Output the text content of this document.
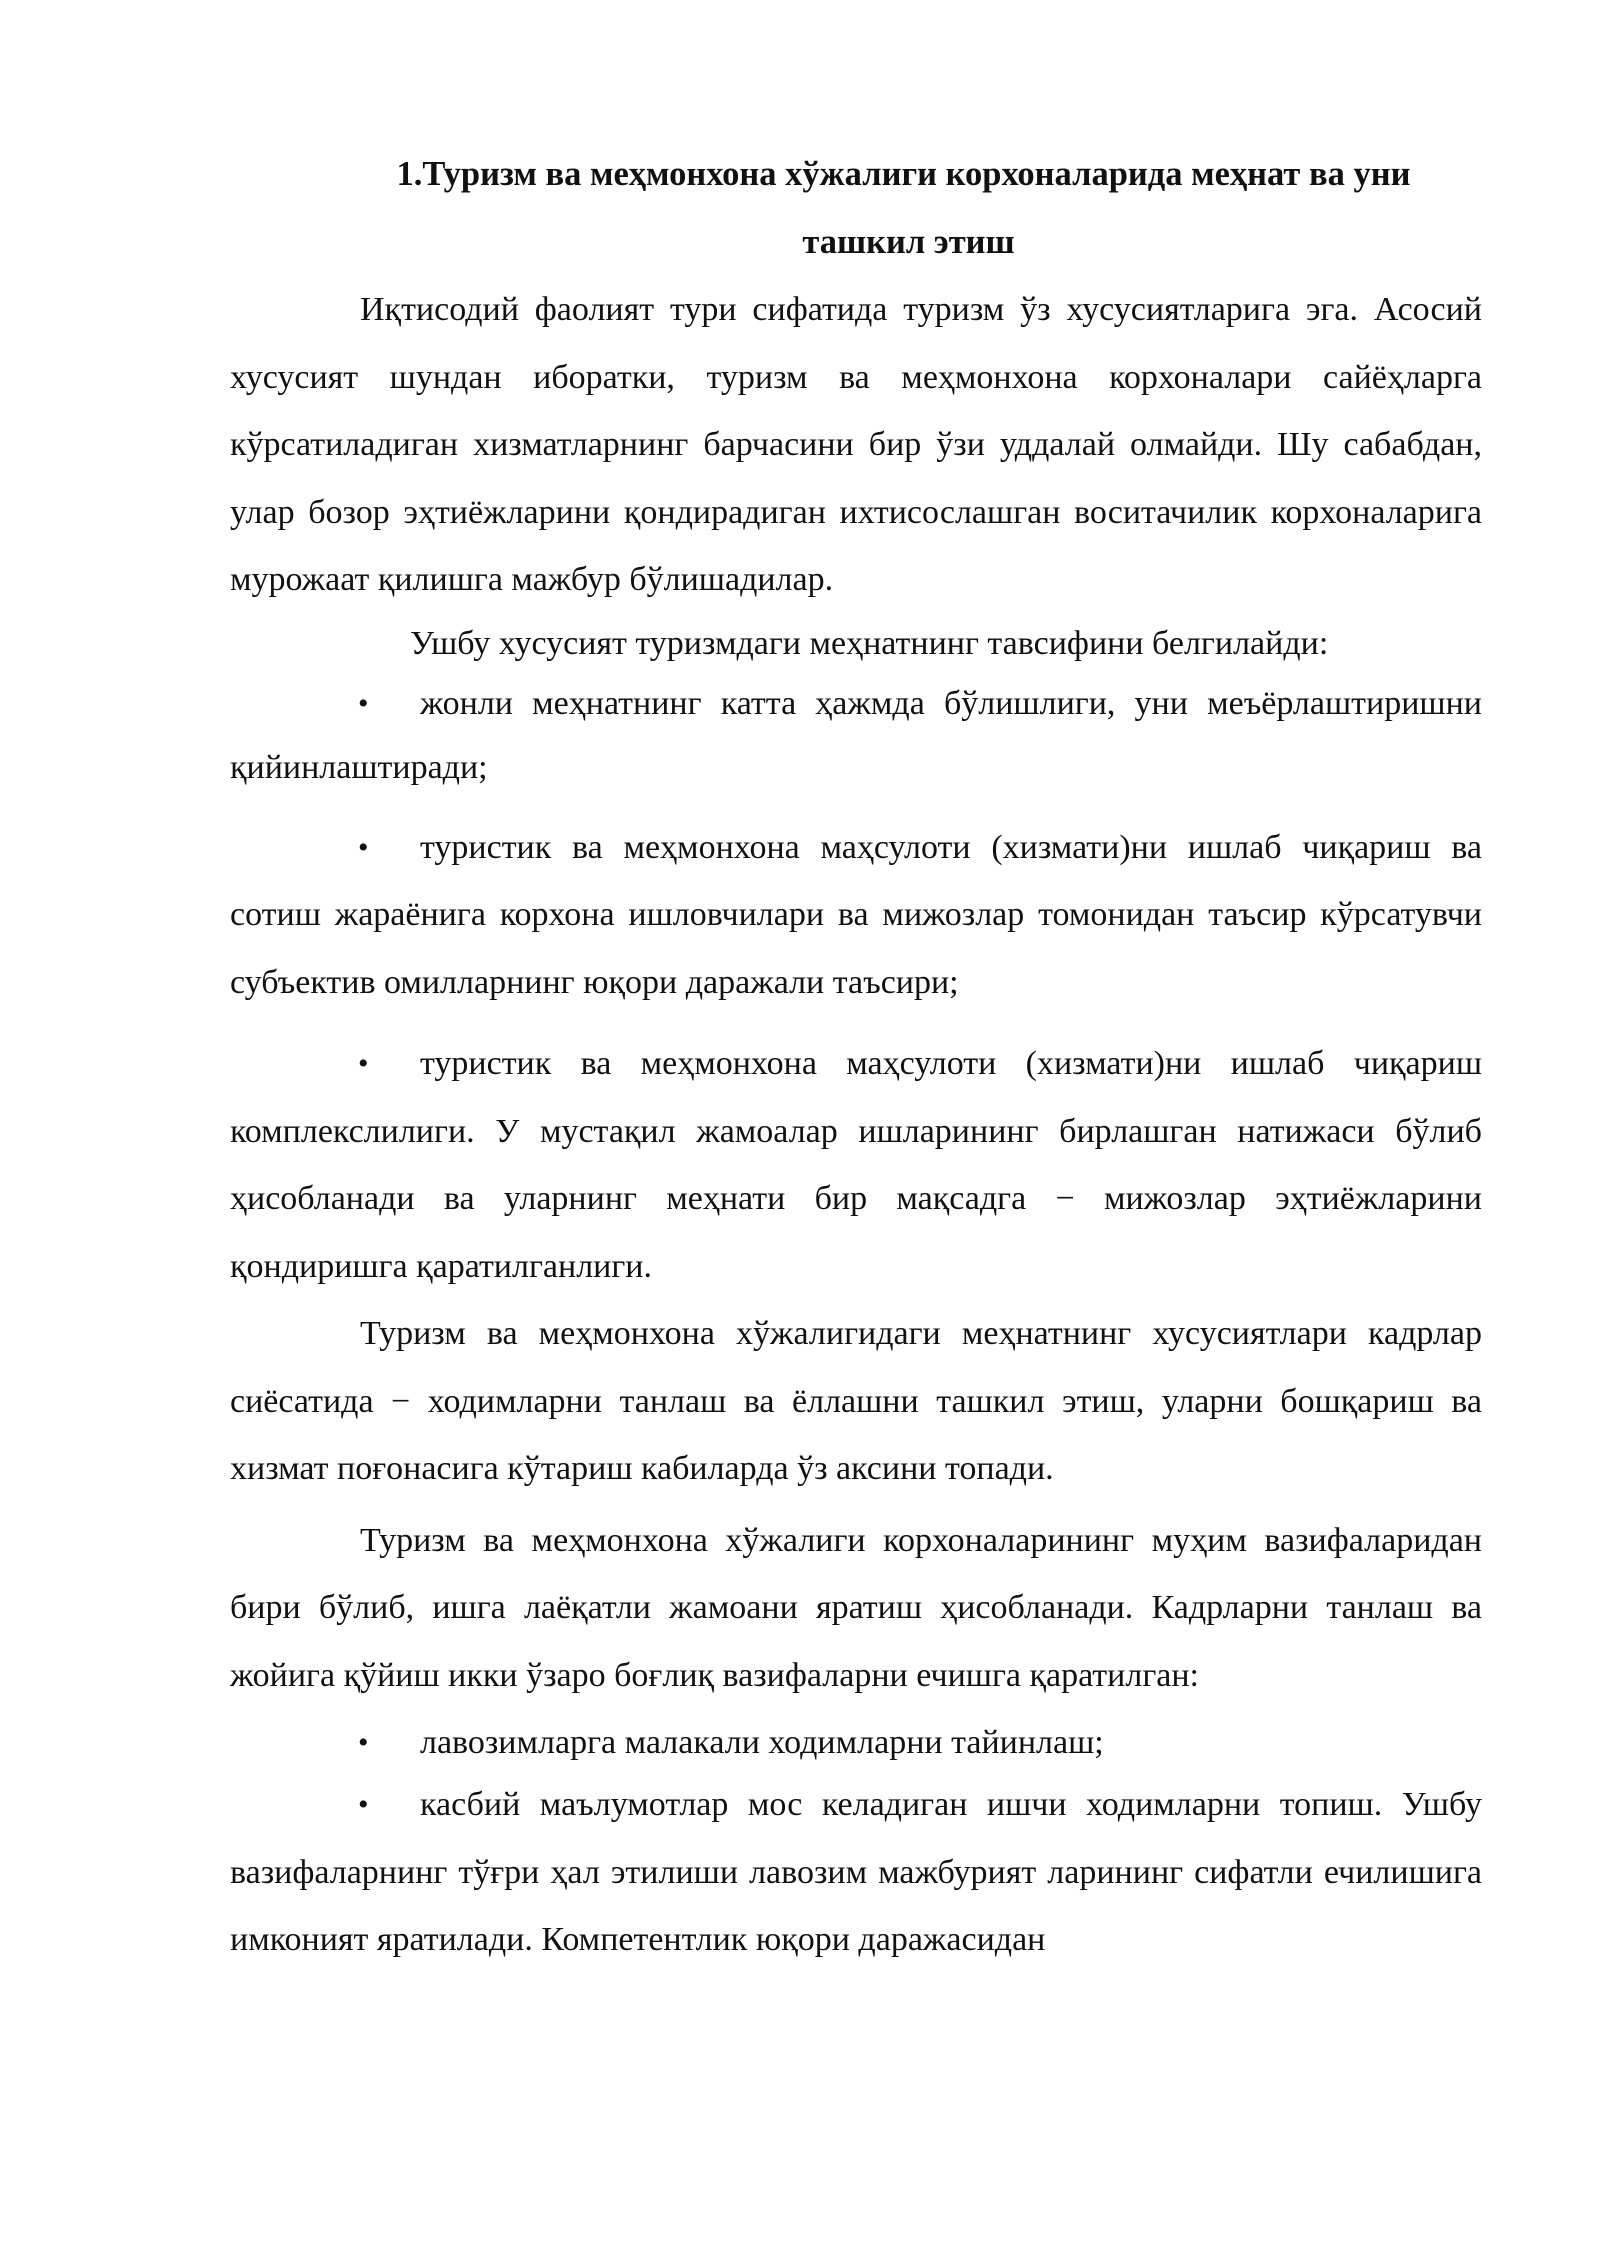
1.Туризм ва меҳмонхона хўжалиги корхоналарида меҳнат ва уни

ташкил этиш

Иқтисодий фаолият тури сифатида туризм ўз хусусиятларига эга. Асосий хусусият шундан иборатки, туризм ва меҳмонхона корхоналари сайёҳларга кўрсатиладиган хизматларнинг барчасини бир ўзи уддалай олмайди. Шу сабабдан, улар бозор эҳтиёжларини қондирадиган ихтисослашган воситачилик корхоналарига мурожаат қилишга мажбур бўлишадилар.

Ушбу хусусият туризмдаги меҳнатнинг тавсифини белгилайди:

• жонли меҳнатнинг катта ҳажмда бўлишлиги, уни меъёрлаштиришни қийинлаштиради;

• туристик ва меҳмонхона маҳсулоти (хизмати)ни ишлаб чиқариш ва сотиш жараёнига корхона ишловчилари ва мижозлар томонидан таъсир кўрсатувчи субъектив омилларнинг юқори даражали таъсири;

• туристик ва меҳмонхона маҳсулоти (хизмати)ни ишлаб чиқариш комплекслилиги. У мустақил жамоалар ишларининг бирлашган натижаси бўлиб ҳисобланади ва уларнинг меҳнати бир мақсадга − мижозлар эҳтиёжларини қондиришга қаратилганлиги.

Туризм ва меҳмонхона хўжалигидаги меҳнатнинг хусусиятлари кадрлар сиёсатида − ходимларни танлаш ва ёллашни ташкил этиш, уларни бошқариш ва хизмат поғонасига кўтариш кабиларда ўз аксини топади.

Туризм ва меҳмонхона хўжалиги корхоналарининг муҳим вазифаларидан бири бўлиб, ишга лаёқатли жамоани яратиш ҳисобланади. Кадрларни танлаш ва жойига қўйиш икки ўзаро боғлиқ вазифаларни ечишга қаратилган:

• лавозимларга малакали ходимларни тайинлаш;

• касбий маълумотлар мос келадиган ишчи ходимларни топиш. Ушбу вазифаларнинг тўғри ҳал этилиши лавозим мажбурият ларининг сифатли ечилишига имконият яратилади. Компетентлик юқори даражасидан
